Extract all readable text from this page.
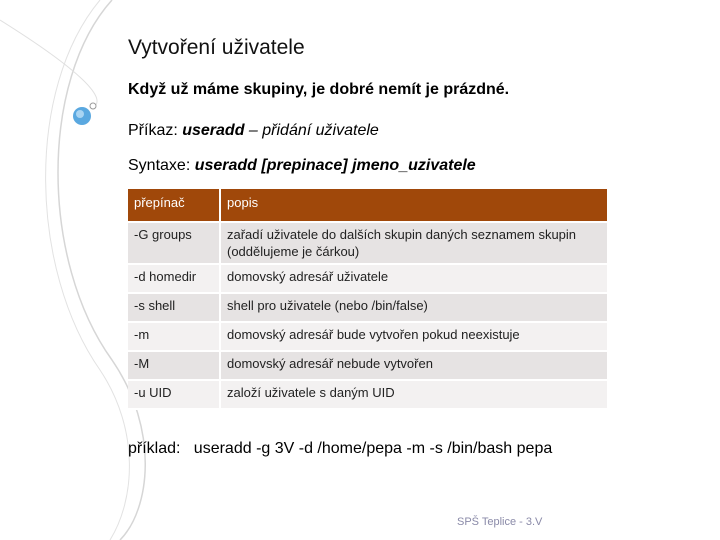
Vytvoření uživatele

Když už máme skupiny, je dobré nemít je prázdné.

Příkaz: useradd – přidání uživatele

Syntaxe: useradd [prepinace] jmeno_uzivatele

přepínač	popis
-G groups	zařadí uživatele do dalších skupin daných seznamem skupin (oddělujeme je čárkou)
-d homedir	domovský adresář uživatele
-s shell	shell pro uživatele (nebo /bin/false)
-m	domovský adresář bude vytvořen pokud neexistuje
-M	domovský adresář nebude vytvořen
-u UID	založí uživatele s daným UID

příklad:   useradd -g 3V -d /home/pepa -m -s /bin/bash pepa

SPŠ Teplice - 3.V
